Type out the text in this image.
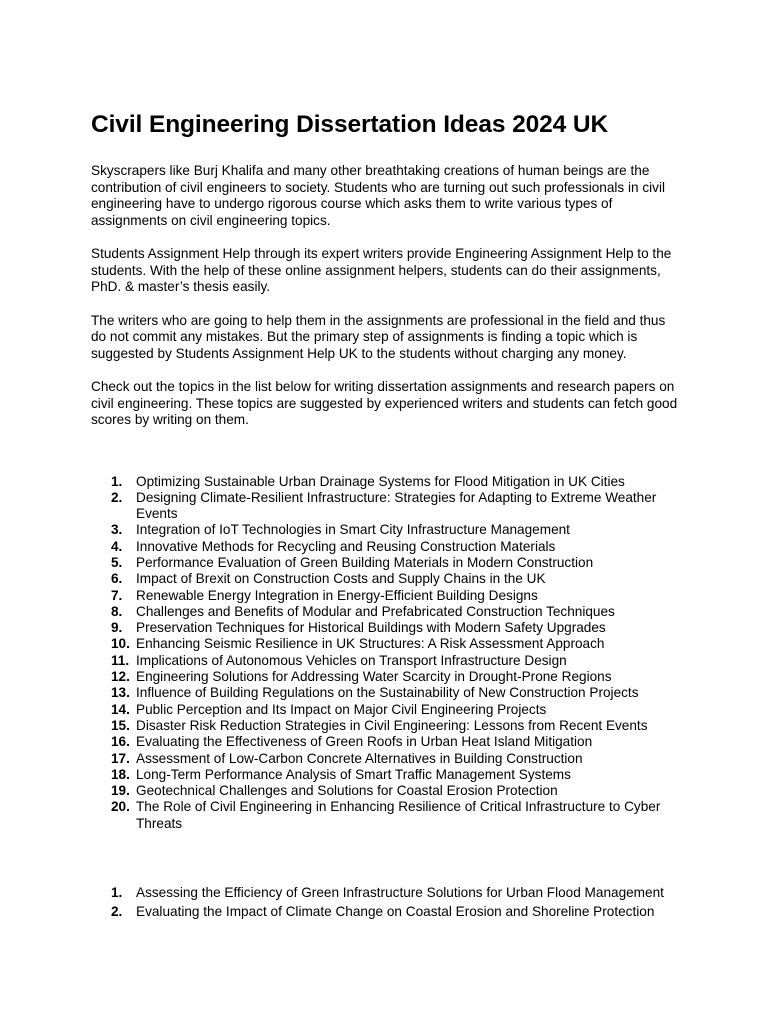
Civil Engineering Dissertation Ideas 2024 UK

Skyscrapers like Burj Khalifa and many other breathtaking creations of human beings are the contribution of civil engineers to society. Students who are turning out such professionals in civil engineering have to undergo rigorous course which asks them to write various types of assignments on civil engineering topics.

Students Assignment Help through its expert writers provide Engineering Assignment Help to the students. With the help of these online assignment helpers, students can do their assignments, PhD. & master’s thesis easily.

The writers who are going to help them in the assignments are professional in the field and thus do not commit any mistakes. But the primary step of assignments is finding a topic which is suggested by Students Assignment Help UK to the students without charging any money.

Check out the topics in the list below for writing dissertation assignments and research papers on civil engineering. These topics are suggested by experienced writers and students can fetch good scores by writing on them.

1. Optimizing Sustainable Urban Drainage Systems for Flood Mitigation in UK Cities
2. Designing Climate-Resilient Infrastructure: Strategies for Adapting to Extreme Weather Events
3. Integration of IoT Technologies in Smart City Infrastructure Management
4. Innovative Methods for Recycling and Reusing Construction Materials
5. Performance Evaluation of Green Building Materials in Modern Construction
6. Impact of Brexit on Construction Costs and Supply Chains in the UK
7. Renewable Energy Integration in Energy-Efficient Building Designs
8. Challenges and Benefits of Modular and Prefabricated Construction Techniques
9. Preservation Techniques for Historical Buildings with Modern Safety Upgrades
10. Enhancing Seismic Resilience in UK Structures: A Risk Assessment Approach
11. Implications of Autonomous Vehicles on Transport Infrastructure Design
12. Engineering Solutions for Addressing Water Scarcity in Drought-Prone Regions
13. Influence of Building Regulations on the Sustainability of New Construction Projects
14. Public Perception and Its Impact on Major Civil Engineering Projects
15. Disaster Risk Reduction Strategies in Civil Engineering: Lessons from Recent Events
16. Evaluating the Effectiveness of Green Roofs in Urban Heat Island Mitigation
17. Assessment of Low-Carbon Concrete Alternatives in Building Construction
18. Long-Term Performance Analysis of Smart Traffic Management Systems
19. Geotechnical Challenges and Solutions for Coastal Erosion Protection
20. The Role of Civil Engineering in Enhancing Resilience of Critical Infrastructure to Cyber Threats
1. Assessing the Efficiency of Green Infrastructure Solutions for Urban Flood Management
2. Evaluating the Impact of Climate Change on Coastal Erosion and Shoreline Protection
